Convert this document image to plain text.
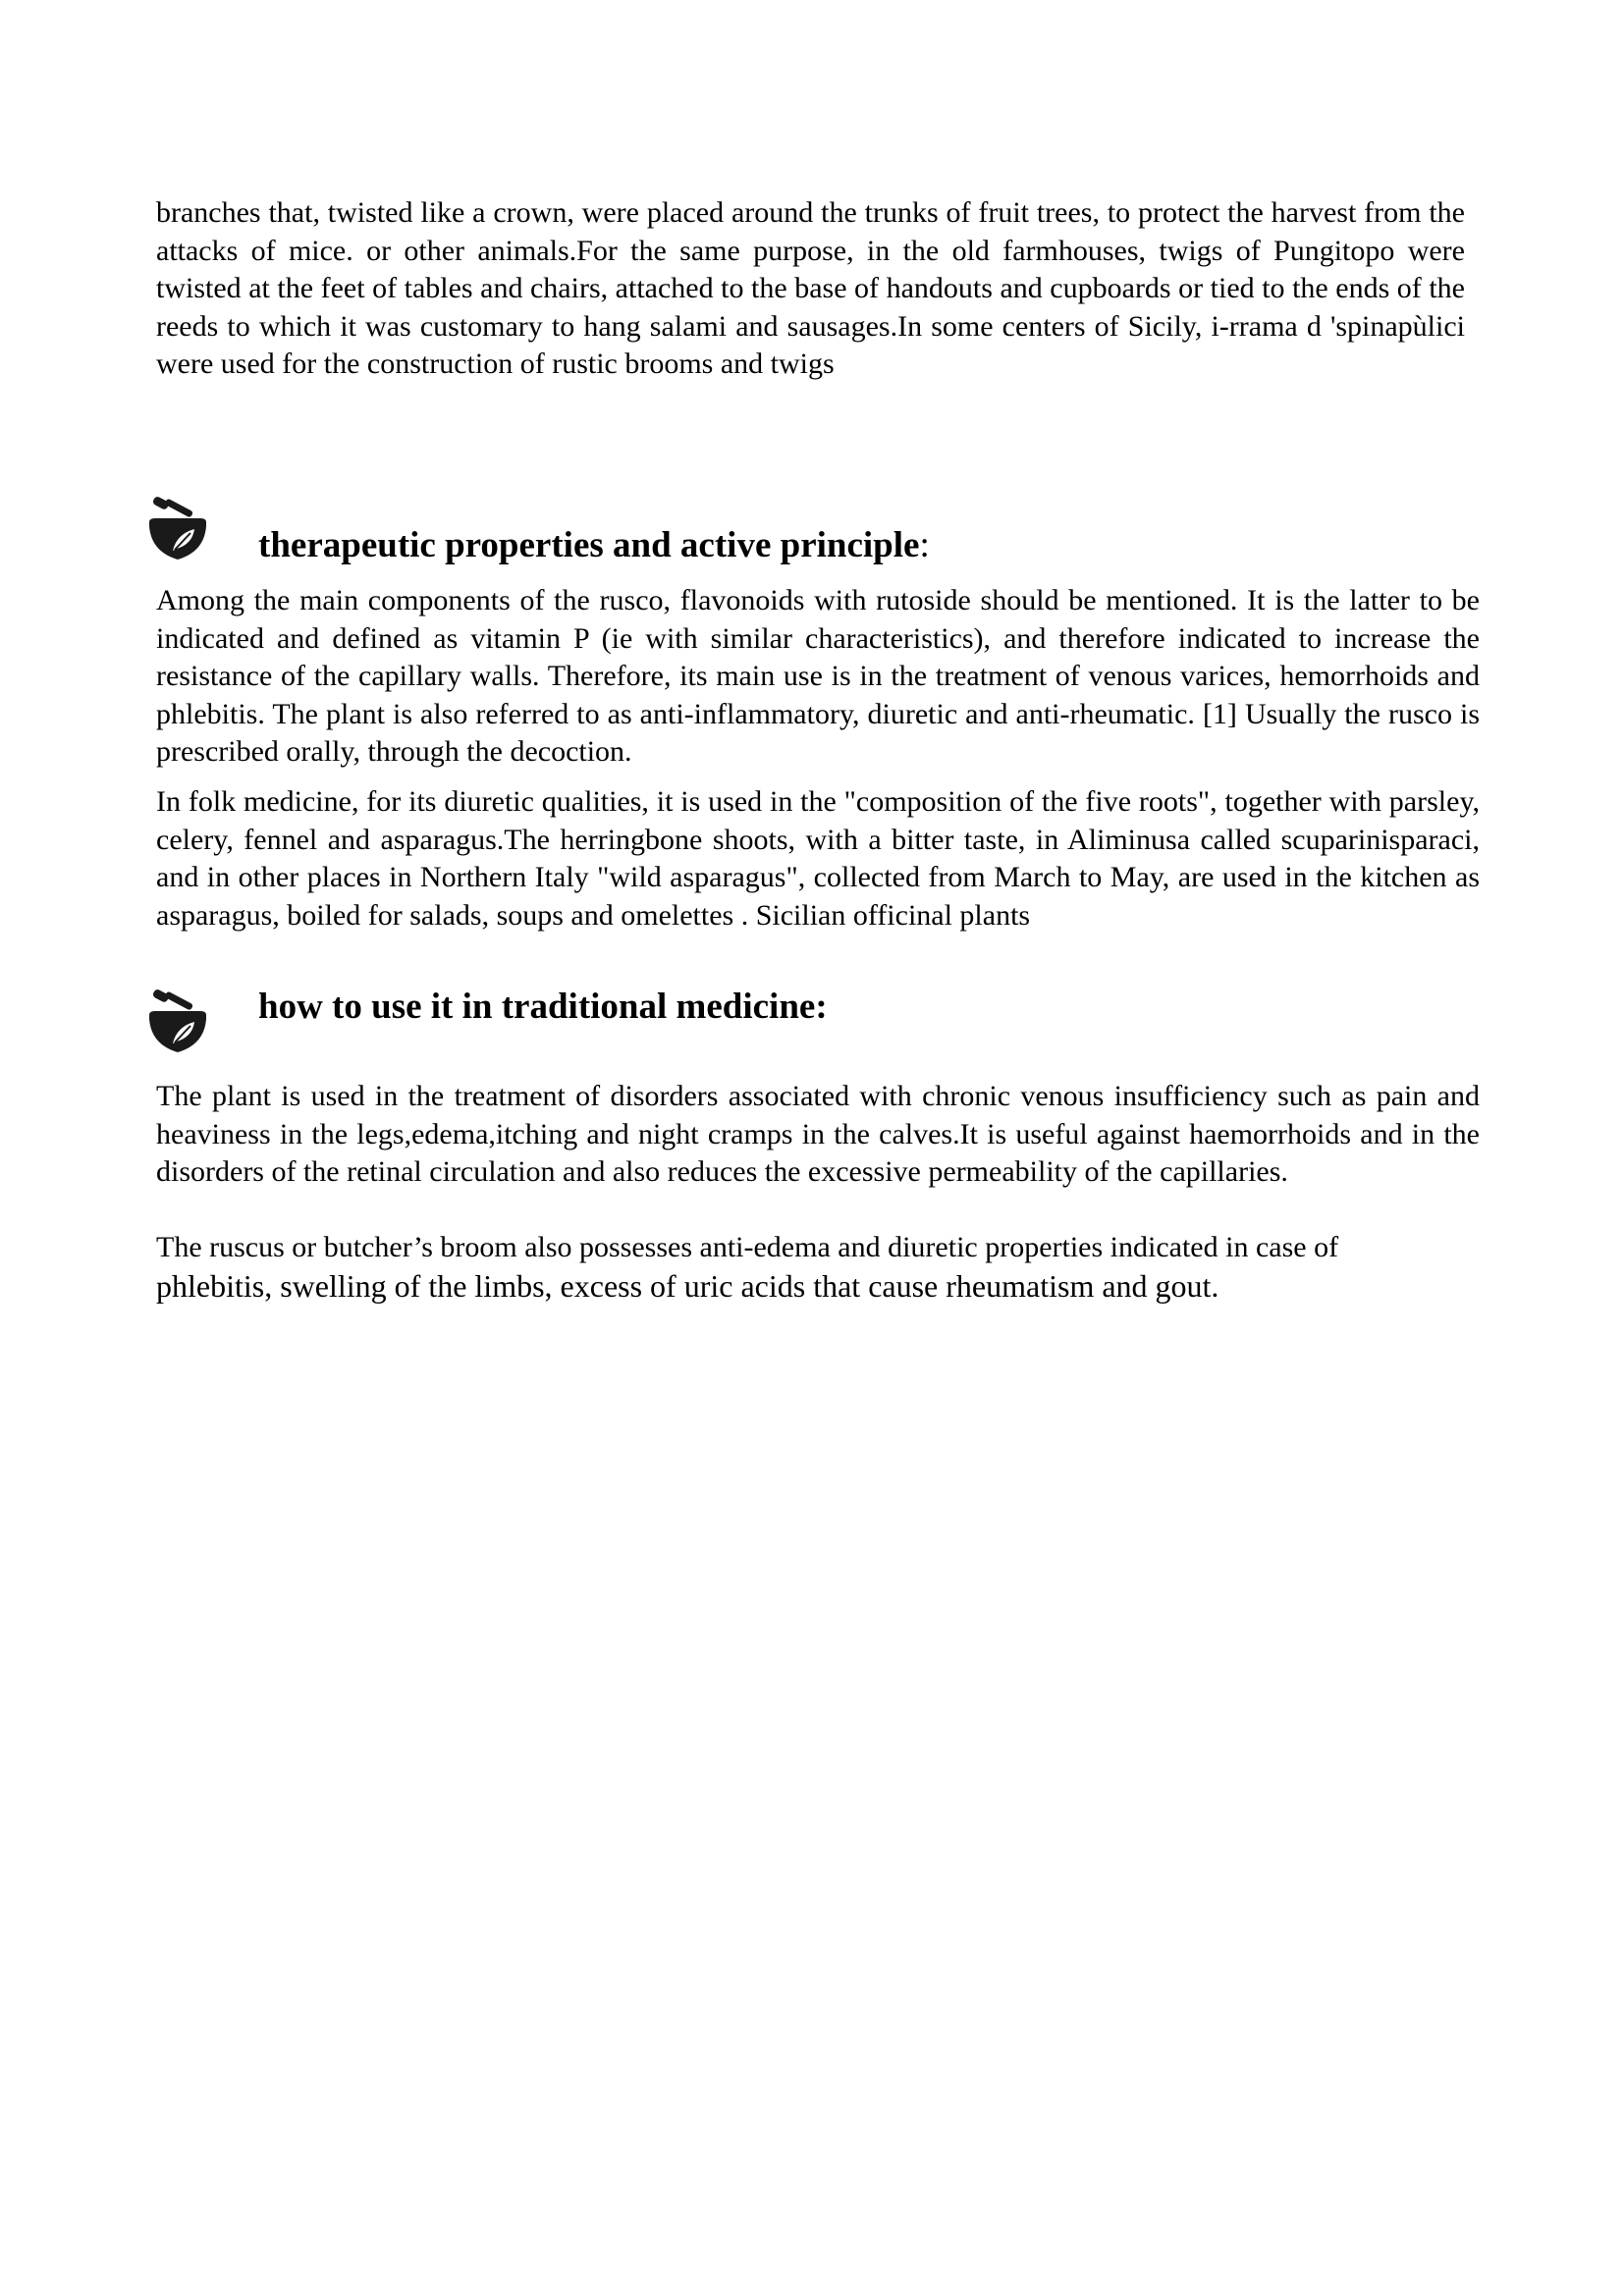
branches that, twisted like a crown, were placed around the trunks of fruit trees, to protect the harvest from the attacks of mice. or other animals.For the same purpose, in the old farmhouses, twigs of Pungitopo were twisted at the feet of tables and chairs, attached to the base of handouts and cupboards or tied to the ends of the reeds to which it was customary to hang salami and sausages.In some centers of Sicily, i-rrama d 'spinapùlici were used for the construction of rustic brooms and twigs
therapeutic properties and active principle:
Among the main components of the rusco, flavonoids with rutoside should be mentioned. It is the latter to be indicated and defined as vitamin P (ie with similar characteristics), and therefore indicated to increase the resistance of the capillary walls. Therefore, its main use is in the treatment of venous varices, hemorrhoids and phlebitis. The plant is also referred to as anti-inflammatory, diuretic and anti-rheumatic. [1] Usually the rusco is prescribed orally, through the decoction.
In folk medicine, for its diuretic qualities, it is used in the "composition of the five roots", together with parsley, celery, fennel and asparagus.The herringbone shoots, with a bitter taste, in Aliminusa called scuparinisparaci, and in other places in Northern Italy "wild asparagus", collected from March to May, are used in the kitchen as asparagus, boiled for salads, soups and omelettes . Sicilian officinal plants
how to use it in traditional medicine:
The plant is used in the treatment of disorders associated with chronic venous insufficiency such as pain and heaviness in the legs,edema,itching and night cramps in the calves.It is useful against haemorrhoids and in the disorders of the retinal circulation and also reduces the excessive permeability of the capillaries.
The ruscus or butcher’s broom also possesses anti-edema and diuretic properties indicated in case of
phlebitis, swelling of the limbs, excess of uric acids that cause rheumatism and gout.
